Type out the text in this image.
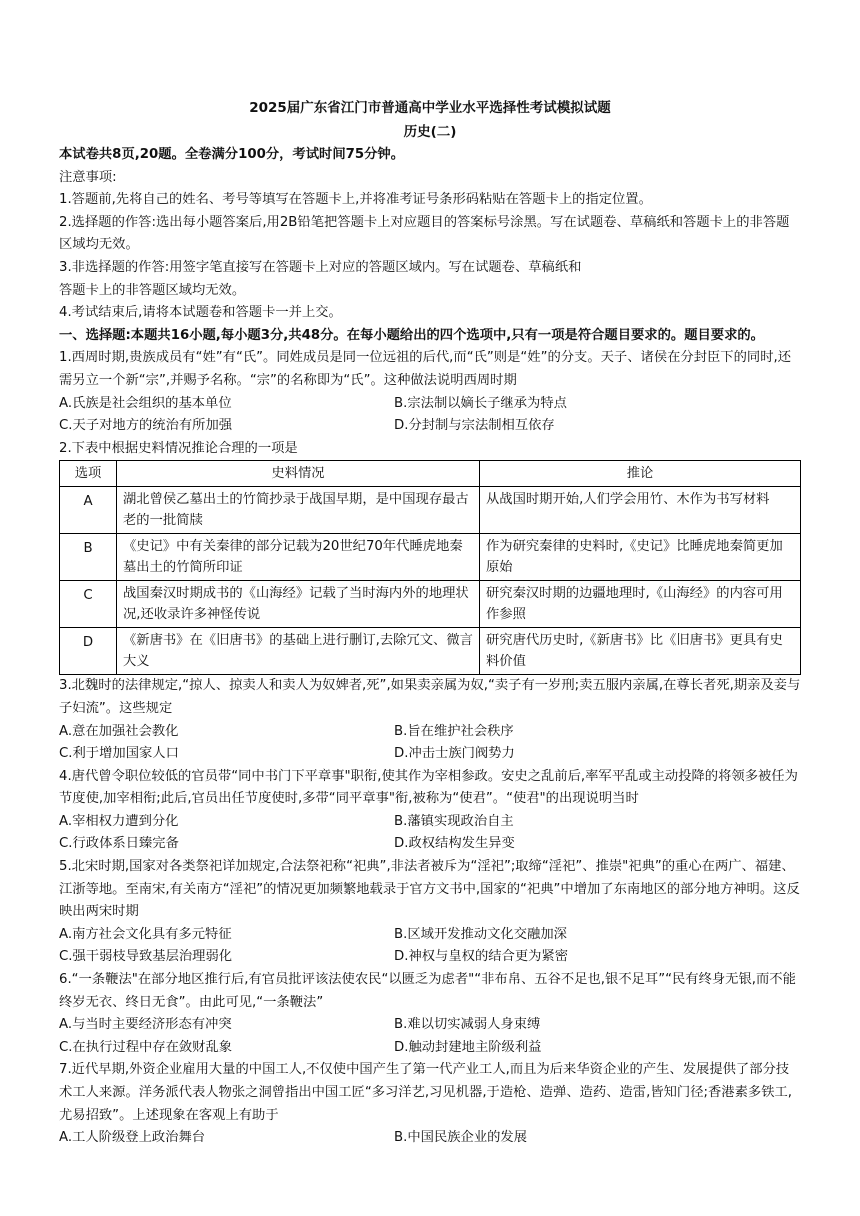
2025届广东省江门市普通高中学业水平选择性考试模拟试题
历史(二)

本试卷共8页,20题。全卷满分100分，考试时间75分钟。

注意事项:

1.答题前,先将自己的姓名、考号等填写在答题卡上,并将准考证号条形码粘贴在答题卡上的指定位置。

2.选择题的作答:选出每小题答案后,用2B铅笔把答题卡上对应题目的答案标号涂黑。写在试题卷、草稿纸和答题卡上的非答题区域均无效。

3.非选择题的作答:用签字笔直接写在答题卡上对应的答题区域内。写在试题卷、草稿纸和

答题卡上的非答题区域均无效。

4.考试结束后,请将本试题卷和答题卡一并上交。

一、选择题:本题共16小题,每小题3分,共48分。在每小题给出的四个选项中,只有一项是符合题目要求的。题目要求的。

1.西周时期,贵族成员有“姓”有“氏”。同姓成员是同一位远祖的后代,而“氏”则是“姓”的分支。天子、诸侯在分封臣下的同时,还需另立一个新“宗”,并赐予名称。“宗”的名称即为“氏”。这种做法说明西周时期

A.氏族是社会组织的基本单位	B.宗法制以嫡长子继承为特点
C.天子对地方的统治有所加强	D.分封制与宗法制相互依存

2.下表中根据史料情况推论合理的一项是

选项	史料情况	推论
A	湖北曾侯乙墓出土的竹简抄录于战国早期，是中国现存最古老的一批简牍	从战国时期开始,人们学会用竹、木作为书写材料
B	《史记》中有关秦律的部分记载为20世纪70年代睡虎地秦墓出土的竹简所印证	作为研究秦律的史料时,《史记》比睡虎地秦简更加原始
C	战国秦汉时期成书的《山海经》记载了当时海内外的地理状况,还收录许多神怪传说	研究秦汉时期的边疆地理时,《山海经》的内容可用作参照
D	《新唐书》在《旧唐书》的基础上进行删订,去除冗文、微言大义	研究唐代历史时,《新唐书》比《旧唐书》更具有史料价值

3.北魏时的法律规定,“掠人、掠卖人和卖人为奴婢者,死”,如果卖亲属为奴,“卖子有一岁刑;卖五服内亲属,在尊长者死,期亲及妾与子妇流”。这些规定

A.意在加强社会教化	B.旨在维护社会秩序
C.利于增加国家人口	D.冲击士族门阀势力

4.唐代曾令职位较低的官员带“同中书门下平章事"职衔,使其作为宰相参政。安史之乱前后,率军平乱或主动投降的将领多被任为节度使,加宰相衔;此后,官员出任节度使时,多带“同平章事"衔,被称为“使君”。“使君"的出现说明当时

A.宰相权力遭到分化	B.藩镇实现政治自主
C.行政体系日臻完备	D.政权结构发生异变

5.北宋时期,国家对各类祭祀详加规定,合法祭祀称“祀典”,非法者被斥为“淫祀”;取缔“淫祀”、推崇"祀典”的重心在两广、福建、江浙等地。至南宋,有关南方“淫祀”的情况更加频繁地载录于官方文书中,国家的“祀典”中增加了东南地区的部分地方神明。这反映出两宋时期

A.南方社会文化具有多元特征	B.区域开发推动文化交融加深
C.强干弱枝导致基层治理弱化	D.神权与皇权的结合更为紧密

6.“一条鞭法"在部分地区推行后,有官员批评该法使农民“以匮乏为虑者"“非布帛、五谷不足也,银不足耳”“民有终身无银,而不能终岁无衣、终日无食”。由此可见,“一条鞭法”

A.与当时主要经济形态有冲突	B.难以切实减弱人身束缚
C.在执行过程中存在敛财乱象	D.触动封建地主阶级利益

7.近代早期,外资企业雇用大量的中国工人,不仅使中国产生了第一代产业工人,而且为后来华资企业的产生、发展提供了部分技术工人来源。洋务派代表人物张之洞曾指出中国工匠“多习洋艺,习见机器,于造枪、造弹、造药、造雷,皆知门径;香港素多铁工,尤易招致”。上述现象在客观上有助于

A.工人阶级登上政治舞台	B.中国民族企业的发展
